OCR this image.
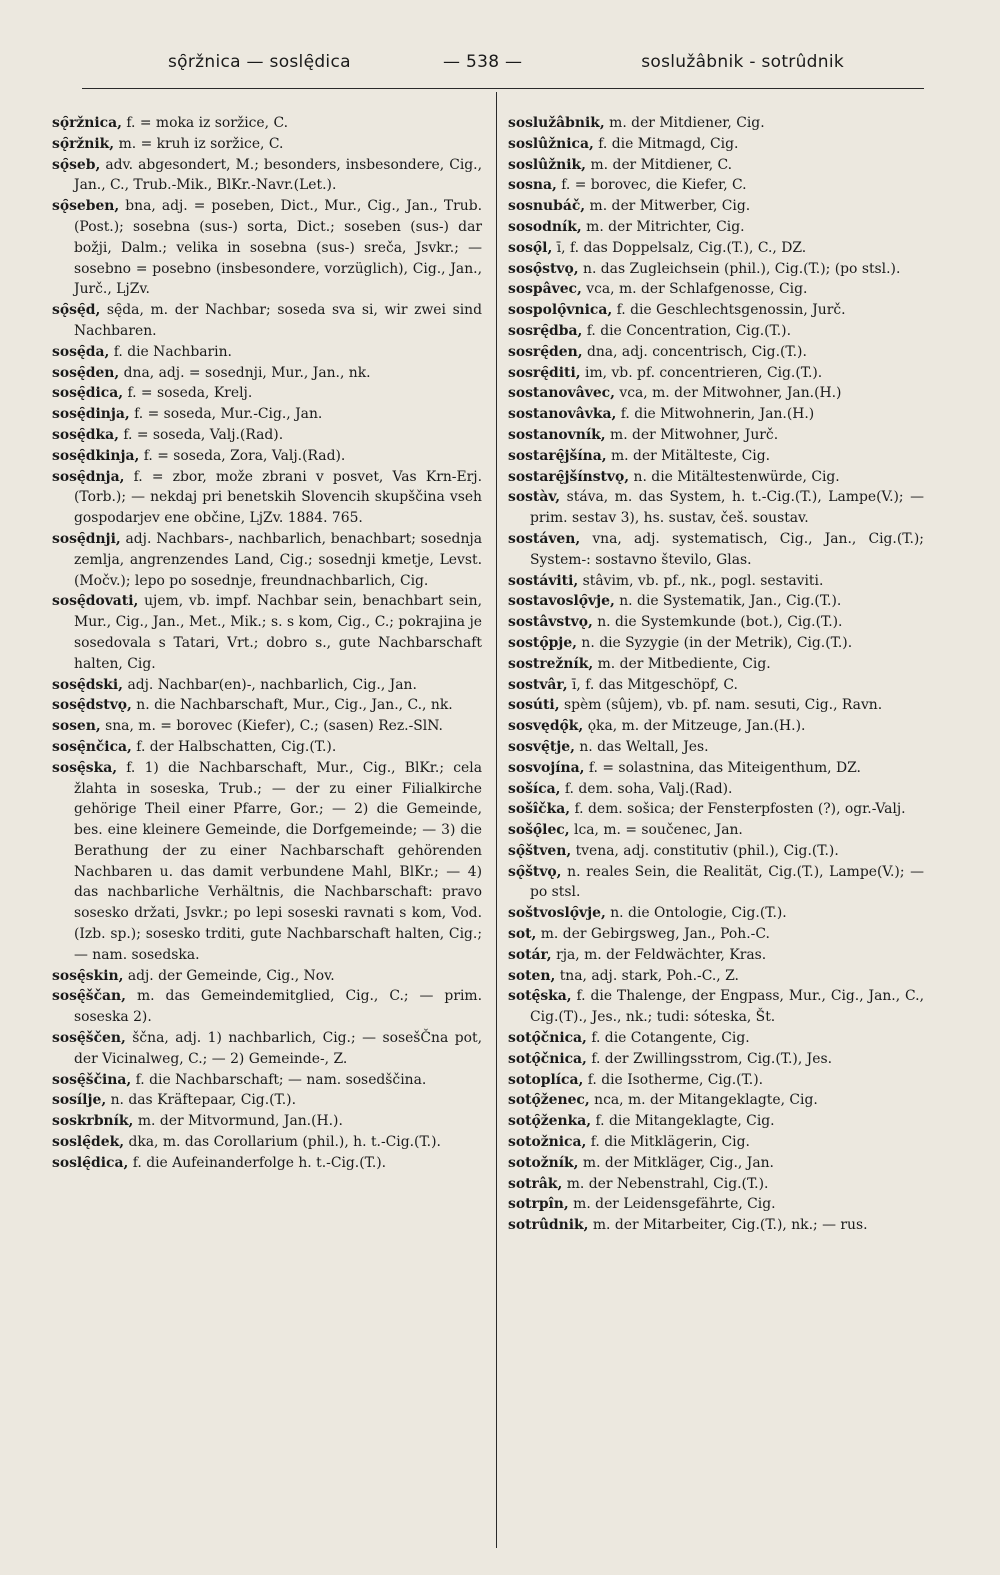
sǫ̑ržnica — soslę̑dica	— 538 —	soslužâbnik - sotrûdnik

sǫ̑ržnica, f. = moka iz soržice, C.

sǫ̑ržnik, m. = kruh iz soržice, C.

sǫ̑seb, adv. abgesondert, M.; besonders, insbesondere, Cig., Jan., C., Trub.-Mik., BlKr.-Navr.(Let.).

sǫ̑seben, bna, adj. = poseben, Dict., Mur., Cig., Jan., Trub.(Post.); sosebna (sus-) sorta, Dict.; soseben (sus-) dar božji, Dalm.; velika in sosebna (sus-) sreča, Jsvkr.; — sosebno = posebno (insbesondere, vorzüglich), Cig., Jan., Jurč., LjZv.

sǫ̑sę̑d, sę̑da, m. der Nachbar; soseda sva si, wir zwei sind Nachbaren.

sosę̑da, f. die Nachbarin.

sosę̑den, dna, adj. = sosednji, Mur., Jan., nk.

sosę̑dica, f. = soseda, Krelj.

sosę̑dinja, f. = soseda, Mur.-Cig., Jan.

sosę̑dka, f. = soseda, Valj.(Rad).

sosę̑dkinja, f. = soseda, Zora, Valj.(Rad).

sosę̑dnja, f. = zbor, može zbrani v posvet, Vas Krn-Erj.(Torb.); — nekdaj pri benetskih Slovencih skupščina vseh gospodarjev ene občine, LjZv. 1884. 765.

sosę̑dnji, adj. Nachbars-, nachbarlich, benachbart; sosednja zemlja, angrenzendes Land, Cig.; sosednji kmetje, Levst.(Močv.); lepo po sosednje, freundnachbarlich, Cig.

sosę̑dovati, ujem, vb. impf. Nachbar sein, benachbart sein, Mur., Cig., Jan., Met., Mik.; s. s kom, Cig., C.; pokrajina je sosedovala s Tatari, Vrt.; dobro s., gute Nachbarschaft halten, Cig.

sosę̑dski, adj. Nachbar(en)-, nachbarlich, Cig., Jan.

sosę̑dstvǫ, n. die Nachbarschaft, Mur., Cig., Jan., C., nk.

sosen, sna, m. = borovec (Kiefer), C.; (sasen) Rez.-SlN.

sosę̑nčica, f. der Halbschatten, Cig.(T.).

sosę̑ska, f. 1) die Nachbarschaft, Mur., Cig., BlKr.; cela žlahta in soseska, Trub.; — der zu einer Filialkirche gehörige Theil einer Pfarre, Gor.; — 2) die Gemeinde, bes. eine kleinere Gemeinde, die Dorfgemeinde; — 3) die Berathung der zu einer Nachbarschaft gehörenden Nachbaren u. das damit verbundene Mahl, BlKr.; — 4) das nachbarliche Verhältnis, die Nachbarschaft: pravo sosesko držati, Jsvkr.; po lepi soseski ravnati s kom, Vod.(Izb. sp.); sosesko trditi, gute Nachbarschaft halten, Cig.; — nam. sosedska.

sosę̑skin, adj. der Gemeinde, Cig., Nov.

sosę̑ščan, m. das Gemeindemitglied, Cig., C.; — prim. soseska 2).

sosę̑ščen, ščna, adj. 1) nachbarlich, Cig.; — sosešČna pot, der Vicinalweg, C.; — 2) Gemeinde-, Z.

sosę̑ščina, f. die Nachbarschaft; — nam. sosedščina.

sosílje, n. das Kräftepaar, Cig.(T.).

soskrbník, m. der Mitvormund, Jan.(H.).

soslę̑dek, dka, m. das Corollarium (phil.), h. t.-Cig.(T.).

soslę̑dica, f. die Aufeinanderfolge h. t.-Cig.(T.).

soslužâbnik, m. der Mitdiener, Cig.

soslûžnica, f. die Mitmagd, Cig.

soslûžnik, m. der Mitdiener, C.

sosna, f. = borovec, die Kiefer, C.

sosnubáč, m. der Mitwerber, Cig.

sosodník, m. der Mitrichter, Cig.

sosǫ̑l, ī, f. das Doppelsalz, Cig.(T.), C., DZ.

sosǫ̑stvǫ, n. das Zugleichsein (phil.), Cig.(T.); (po stsl.).

sospâvec, vca, m. der Schlafgenosse, Cig.

sospolǫ̑vnica, f. die Geschlechtsgenossin, Jurč.

sosrę̑dba, f. die Concentration, Cig.(T.).

sosrę̑den, dna, adj. concentrisch, Cig.(T.).

sosrę̑diti, im, vb. pf. concentrieren, Cig.(T.).

sostanovâvec, vca, m. der Mitwohner, Jan.(H.)

sostanovâvka, f. die Mitwohnerin, Jan.(H.)

sostanovník, m. der Mitwohner, Jurč.

sostarę̑jšína, m. der Mitälteste, Cig.

sostarę̑jšínstvǫ, n. die Mitältestenwürde, Cig.

sostàv, stáva, m. das System, h. t.-Cig.(T.), Lampe(V.); — prim. sestav 3), hs. sustav, češ. soustav.

sostáven, vna, adj. systematisch, Cig., Jan., Cig.(T.); System-: sostavno število, Glas.

sostáviti, stâvim, vb. pf., nk., pogl. sestaviti.

sostavoslǫ̑vje, n. die Systematik, Jan., Cig.(T.).

sostâvstvǫ, n. die Systemkunde (bot.), Cig.(T.).

sostǫ̑pje, n. die Syzygie (in der Metrik), Cig.(T.).

sostrežník, m. der Mitbediente, Cig.

sostvâr, ī, f. das Mitgeschöpf, C.

sosúti, spèm (sûjem), vb. pf. nam. sesuti, Cig., Ravn.

sosvędǫ̑k, ǫka, m. der Mitzeuge, Jan.(H.).

sosvę̑tje, n. das Weltall, Jes.

sosvojína, f. = solastnina, das Miteigenthum, DZ.

sošíca, f. dem. soha, Valj.(Rad).

sošîčka, f. dem. sošica; der Fensterpfosten (?), ogr.-Valj.

sošǫ̑lec, lca, m. = součenec, Jan.

sǫ̑štven, tvena, adj. constitutiv (phil.), Cig.(T.).

sǫ̑štvǫ, n. reales Sein, die Realität, Cig.(T.), Lampe(V.); — po stsl.

soštvoslǫ̑vje, n. die Ontologie, Cig.(T.).

sot, m. der Gebirgsweg, Jan., Poh.-C.

sotár, rja, m. der Feldwächter, Kras.

soten, tna, adj. stark, Poh.-C., Z.

sotę̑ska, f. die Thalenge, der Engpass, Mur., Cig., Jan., C., Cig.(T)., Jes., nk.; tudi: sóteska, Št.

sotǫ̑čnica, f. die Cotangente, Cig.

sotǫ̑čnica, f. der Zwillingsstrom, Cig.(T.), Jes.

sotoplíca, f. die Isotherme, Cig.(T.).

sotǫ̑ženec, nca, m. der Mitangeklagte, Cig.

sotǫ̑ženka, f. die Mitangeklagte, Cig.

sotožnica, f. die Mitklägerin, Cig.

sotožník, m. der Mitkläger, Cig., Jan.

sotrâk, m. der Nebenstrahl, Cig.(T.).

sotrpîn, m. der Leidensgefährte, Cig.

sotrûdnik, m. der Mitarbeiter, Cig.(T.), nk.; — rus.
